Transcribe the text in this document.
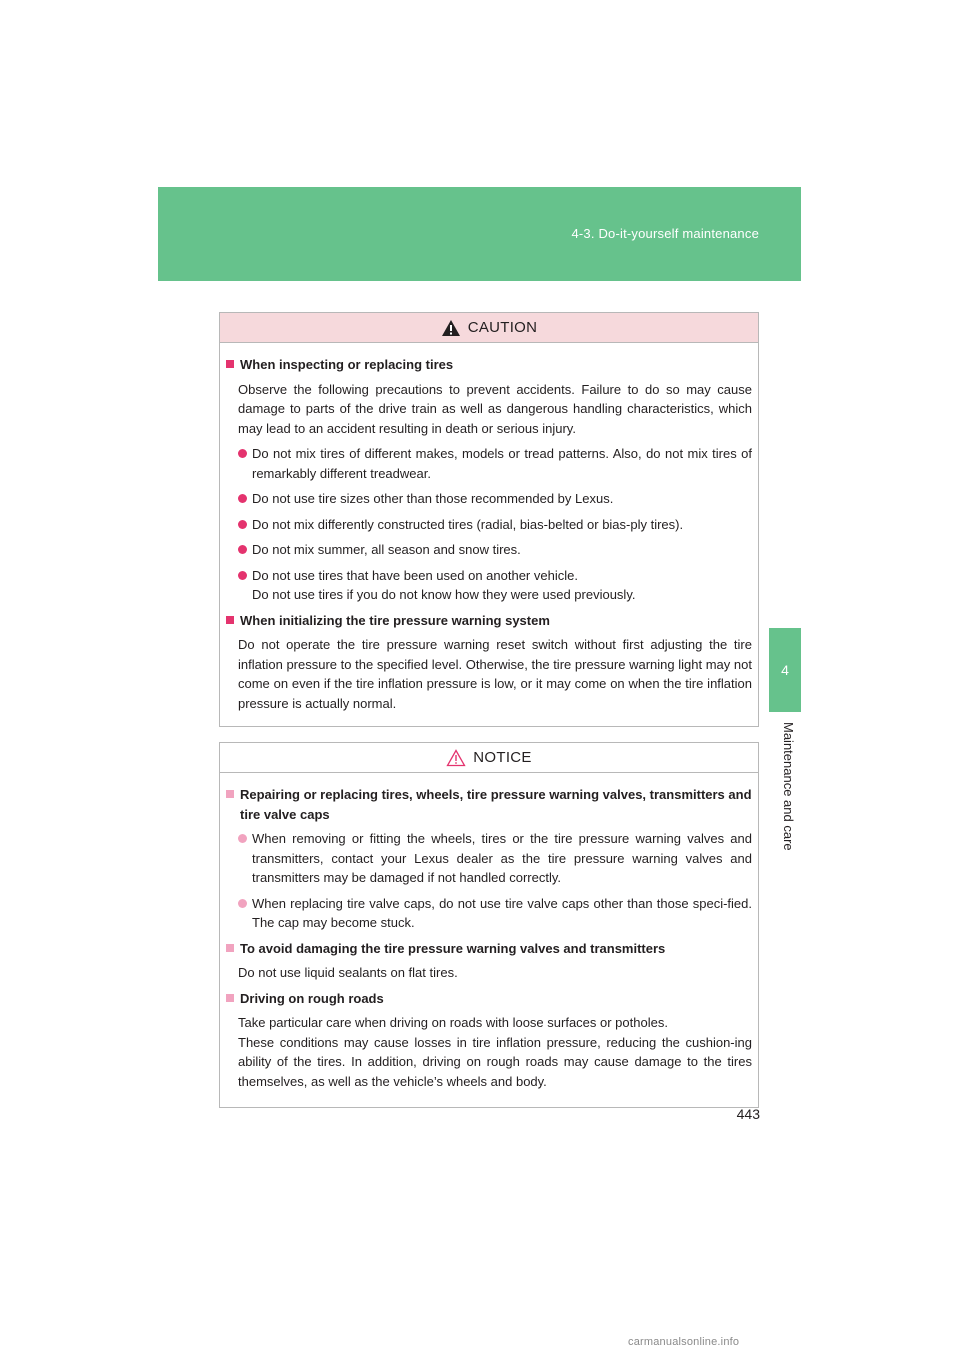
4-3. Do-it-yourself maintenance
4
Maintenance and care
CAUTION
When inspecting or replacing tires
Observe the following precautions to prevent accidents. Failure to do so may cause damage to parts of the drive train as well as dangerous handling characteristics, which may lead to an accident resulting in death or serious injury.
Do not mix tires of different makes, models or tread patterns. Also, do not mix tires of remarkably different treadwear.
Do not use tire sizes other than those recommended by Lexus.
Do not mix differently constructed tires (radial, bias-belted or bias-ply tires).
Do not mix summer, all season and snow tires.
Do not use tires that have been used on another vehicle.
Do not use tires if you do not know how they were used previously.
When initializing the tire pressure warning system
Do not operate the tire pressure warning reset switch without first adjusting the tire inflation pressure to the specified level. Otherwise, the tire pressure warning light may not come on even if the tire inflation pressure is low, or it may come on when the tire inflation pressure is actually normal.
NOTICE
Repairing or replacing tires, wheels, tire pressure warning valves, transmitters and tire valve caps
When removing or fitting the wheels, tires or the tire pressure warning valves and transmitters, contact your Lexus dealer as the tire pressure warning valves and transmitters may be damaged if not handled correctly.
When replacing tire valve caps, do not use tire valve caps other than those speci-fied. The cap may become stuck.
To avoid damaging the tire pressure warning valves and transmitters
Do not use liquid sealants on flat tires.
Driving on rough roads
Take particular care when driving on roads with loose surfaces or potholes.
These conditions may cause losses in tire inflation pressure, reducing the cushion-ing ability of the tires. In addition, driving on rough roads may cause damage to the tires themselves, as well as the vehicle’s wheels and body.
443
carmanualsonline.info
